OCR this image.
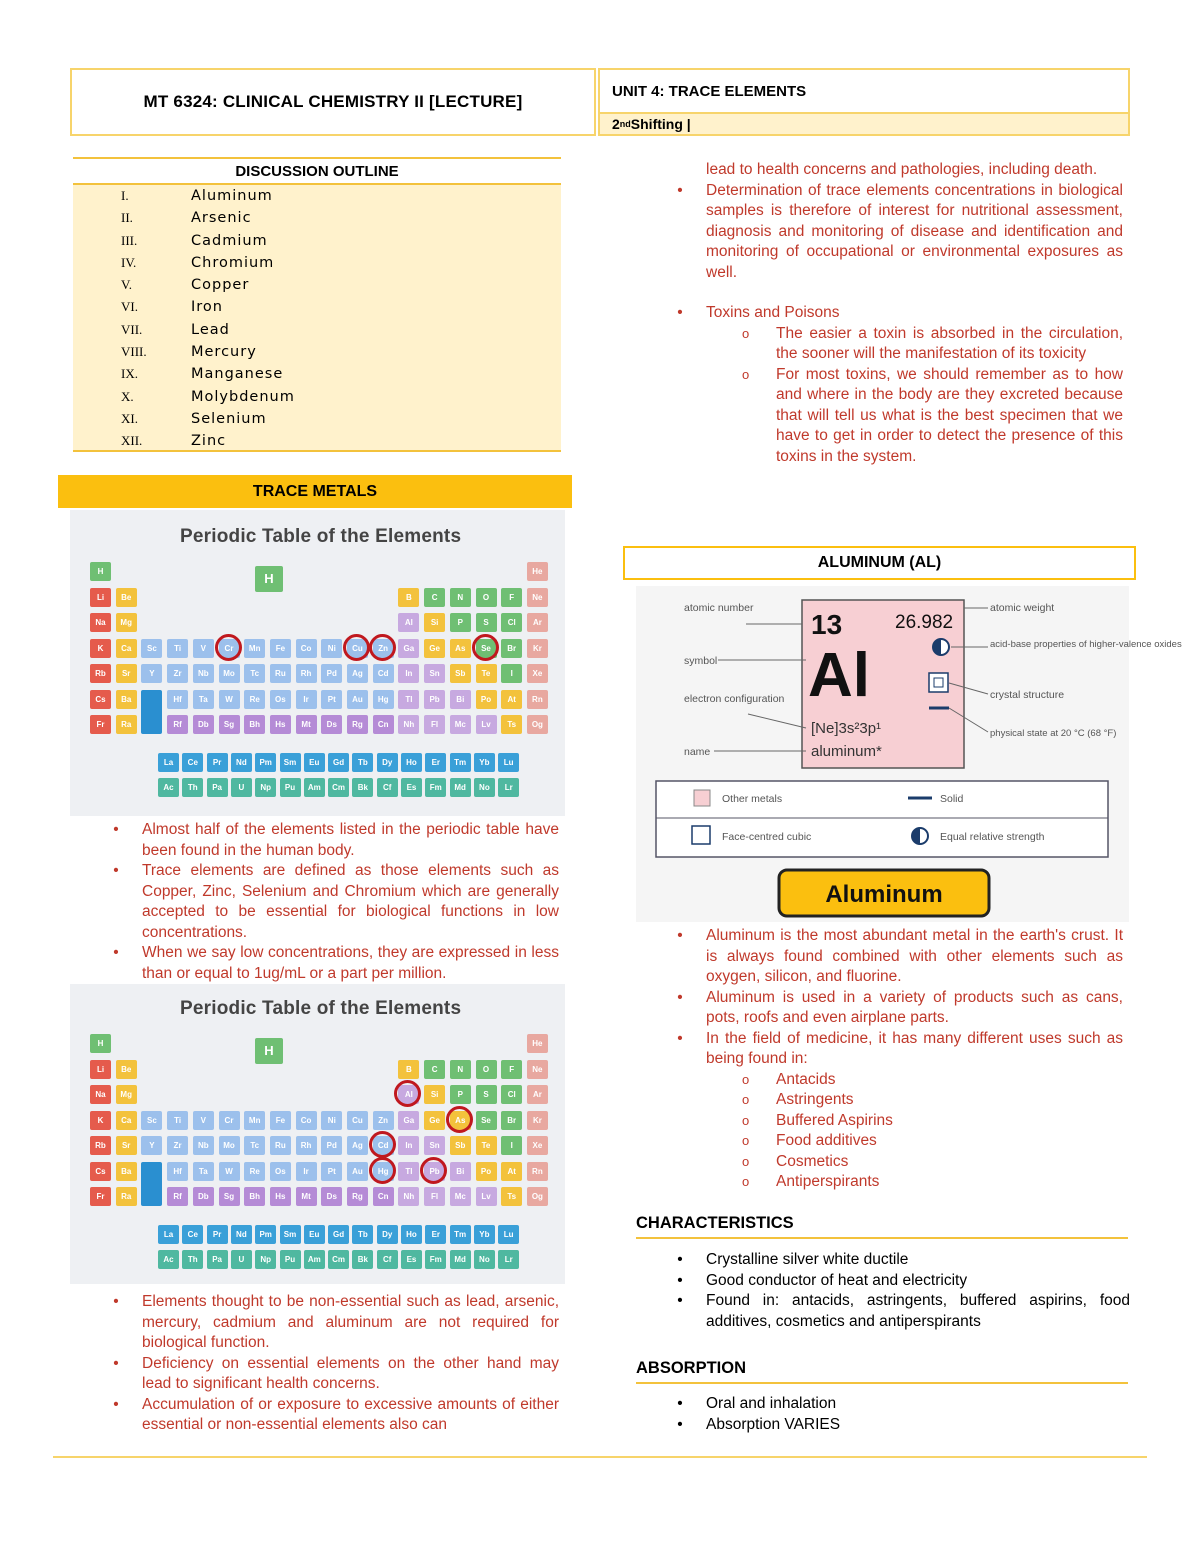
MT 6324: CLINICAL CHEMISTRY II [LECTURE]
UNIT 4: TRACE ELEMENTS
2 nd Shifting |
DISCUSSION OUTLINE
I.	Aluminum
II.	Arsenic
III.	Cadmium
IV.	Chromium
V.	Copper
VI.	Iron
VII.	Lead
VIII.	Mercury
IX.	Manganese
X.	Molybdenum
XI.	Selenium
XII.	Zinc
TRACE METALS
Periodic Table of the Elements
H	He
Li	Be	B	C	N	O	F	Ne
Na	Mg	Al	Si	P	S	Cl	Ar
K	Ca	Sc	Ti	V	Cr	Mn	Fe	Co	Ni	Cu	Zn	Ga	Ge	As	Se	Br	Kr
Rb	Sr	Y	Zr	Nb	Mo	Tc	Ru	Rh	Pd	Ag	Cd	In	Sn	Sb	Te	I	Xe
Cs	Ba	Hf	Ta	W	Re	Os	Ir	Pt	Au	Hg	Tl	Pb	Bi	Po	At	Rn
Fr	Ra	Rf	Db	Sg	Bh	Hs	Mt	Ds	Rg	Cn	Nh	Fl	Mc	Lv	Ts	Og
La	Ce	Pr	Nd	Pm	Sm	Eu	Gd	Tb	Dy	Ho	Er	Tm	Yb	Lu
Ac	Th	Pa	U	Np	Pu	Am	Cm	Bk	Cf	Es	Fm	Md	No	Lr
H
• Almost half of the elements listed in the periodic table have been found in the human body.
• Trace elements are defined as those elements such as Copper, Zinc, Selenium and Chromium which are generally accepted to be essential for biological functions in low concentrations.
• When we say low concentrations, they are expressed in less than or equal to 1ug/mL or a part per million.
Periodic Table of the Elements
H	He
Li	Be	B	C	N	O	F	Ne
Na	Mg	Al	Si	P	S	Cl	Ar
K	Ca	Sc	Ti	V	Cr	Mn	Fe	Co	Ni	Cu	Zn	Ga	Ge	As	Se	Br	Kr
Rb	Sr	Y	Zr	Nb	Mo	Tc	Ru	Rh	Pd	Ag	Cd	In	Sn	Sb	Te	I	Xe
Cs	Ba	Hf	Ta	W	Re	Os	Ir	Pt	Au	Hg	Tl	Pb	Bi	Po	At	Rn
Fr	Ra	Rf	Db	Sg	Bh	Hs	Mt	Ds	Rg	Cn	Nh	Fl	Mc	Lv	Ts	Og
La	Ce	Pr	Nd	Pm	Sm	Eu	Gd	Tb	Dy	Ho	Er	Tm	Yb	Lu
Ac	Th	Pa	U	Np	Pu	Am	Cm	Bk	Cf	Es	Fm	Md	No	Lr
H
• Elements thought to be non-essential such as lead, arsenic, mercury, cadmium and aluminum are not required for biological function.
• Deficiency on essential elements on the other hand may lead to significant health concerns.
• Accumulation of or exposure to excessive amounts of either essential or non-essential elements also can
lead to health concerns and pathologies, including death.
• Determination of trace elements concentrations in biological samples is therefore of interest for nutritional assessment, diagnosis and monitoring of disease and identification and monitoring of occupational or environmental exposures as well.
• Toxins and Poisons
o The easier a toxin is absorbed in the circulation, the sooner will the manifestation of its toxicity
o For most toxins, we should remember as to how and where in the body are they excreted because that will tell us what is the best specimen that we have to get in order to detect the presence of this toxins in the system.
ALUMINUM (AL)
13	26.982
Al
[Ne]3s²3p¹
aluminum*
atomic number
symbol
electron configuration
name
atomic weight
acid-base properties of higher-valence oxides
crystal structure
physical state at 20 °C (68 °F)
Other metals	Solid
Face-centred cubic	Equal relative strength
Aluminum
• Aluminum is the most abundant metal in the earth's crust. It is always found combined with other elements such as oxygen, silicon, and fluorine.
• Aluminum is used in a variety of products such as cans, pots, roofs and even airplane parts.
• In the field of medicine, it has many different uses such as being found in:
o Antacids
o Astringents
o Buffered Aspirins
o Food additives
o Cosmetics
o Antiperspirants
CHARACTERISTICS
• Crystalline silver white ductile
• Good conductor of heat and electricity
• Found in: antacids, astringents, buffered aspirins, food additives, cosmetics and antiperspirants
ABSORPTION
• Oral and inhalation
• Absorption VARIES
